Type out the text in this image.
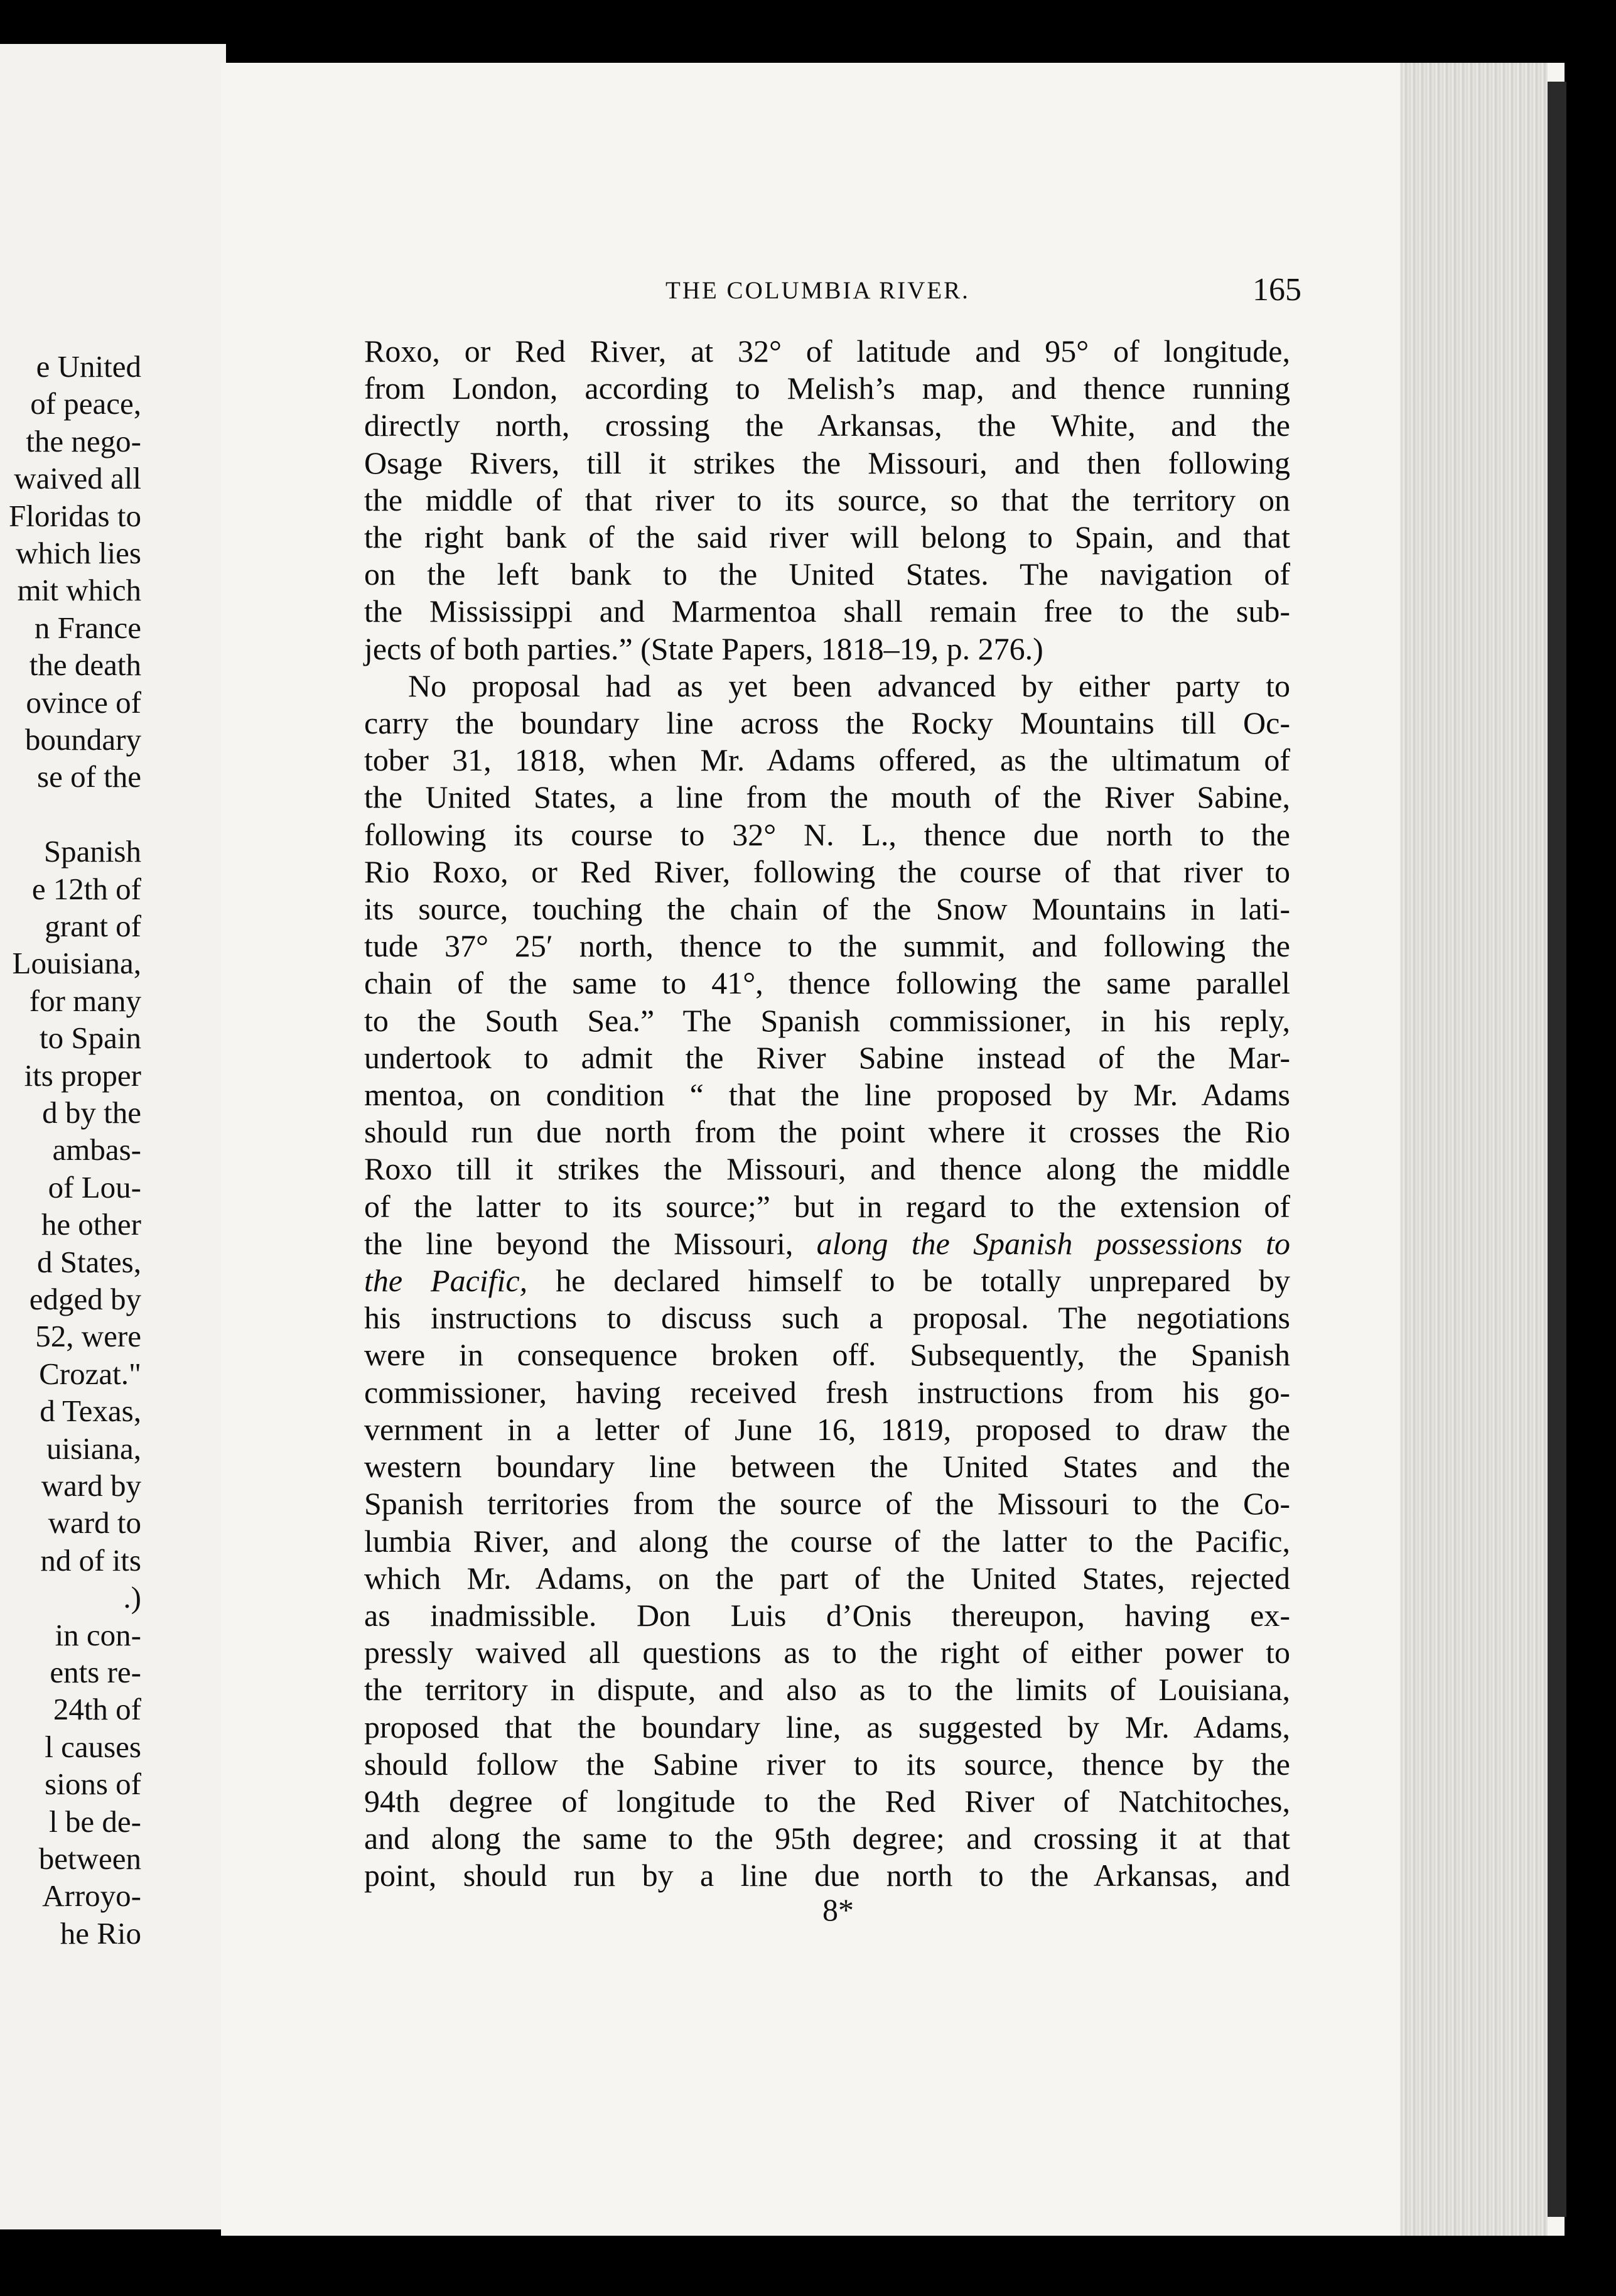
e United
of peace,
the nego-
waived all
Floridas to
which lies
mit which
n France
the death
ovince of
boundary
se of the
Spanish
e 12th of
grant of
Louisiana,
for many
to Spain
its proper
d by the
ambas-
of Lou-
he other
d States,
edged by
52, were
Crozat."
d Texas,
uisiana,
ward by
ward to
nd of its
.)
in con-
ents re-
24th of
l causes
sions of
l be de-
between
Arroyo-
he Rio
THE COLUMBIA RIVER.	165
Roxo, or Red River, at 32° of latitude and 95° of longitude,
from London, according to Melish’s map, and thence running
directly north, crossing the Arkansas, the White, and the
Osage Rivers, till it strikes the Missouri, and then following
the middle of that river to its source, so that the territory on
the right bank of the said river will belong to Spain, and that
on the left bank to the United States. The navigation of
the Mississippi and Marmentoa shall remain free to the sub-
jects of both parties.” (State Papers, 1818–19, p. 276.)
No proposal had as yet been advanced by either party to
carry the boundary line across the Rocky Mountains till Oc-
tober 31, 1818, when Mr. Adams offered, as the ultimatum of
the United States, a line from the mouth of the River Sabine,
following its course to 32° N. L., thence due north to the
Rio Roxo, or Red River, following the course of that river to
its source, touching the chain of the Snow Mountains in lati-
tude 37° 25′ north, thence to the summit, and following the
chain of the same to 41°, thence following the same parallel
to the South Sea.” The Spanish commissioner, in his reply,
undertook to admit the River Sabine instead of the Mar-
mentoa, on condition “ that the line proposed by Mr. Adams
should run due north from the point where it crosses the Rio
Roxo till it strikes the Missouri, and thence along the middle
of the latter to its source;” but in regard to the extension of
the line beyond the Missouri, along the Spanish possessions to
the Pacific, he declared himself to be totally unprepared by
his instructions to discuss such a proposal. The negotiations
were in consequence broken off. Subsequently, the Spanish
commissioner, having received fresh instructions from his go-
vernment in a letter of June 16, 1819, proposed to draw the
western boundary line between the United States and the
Spanish territories from the source of the Missouri to the Co-
lumbia River, and along the course of the latter to the Pacific,
which Mr. Adams, on the part of the United States, rejected
as inadmissible. Don Luis d’Onis thereupon, having ex-
pressly waived all questions as to the right of either power to
the territory in dispute, and also as to the limits of Louisiana,
proposed that the boundary line, as suggested by Mr. Adams,
should follow the Sabine river to its source, thence by the
94th degree of longitude to the Red River of Natchitoches,
and along the same to the 95th degree; and crossing it at that
point, should run by a line due north to the Arkansas, and
8*
